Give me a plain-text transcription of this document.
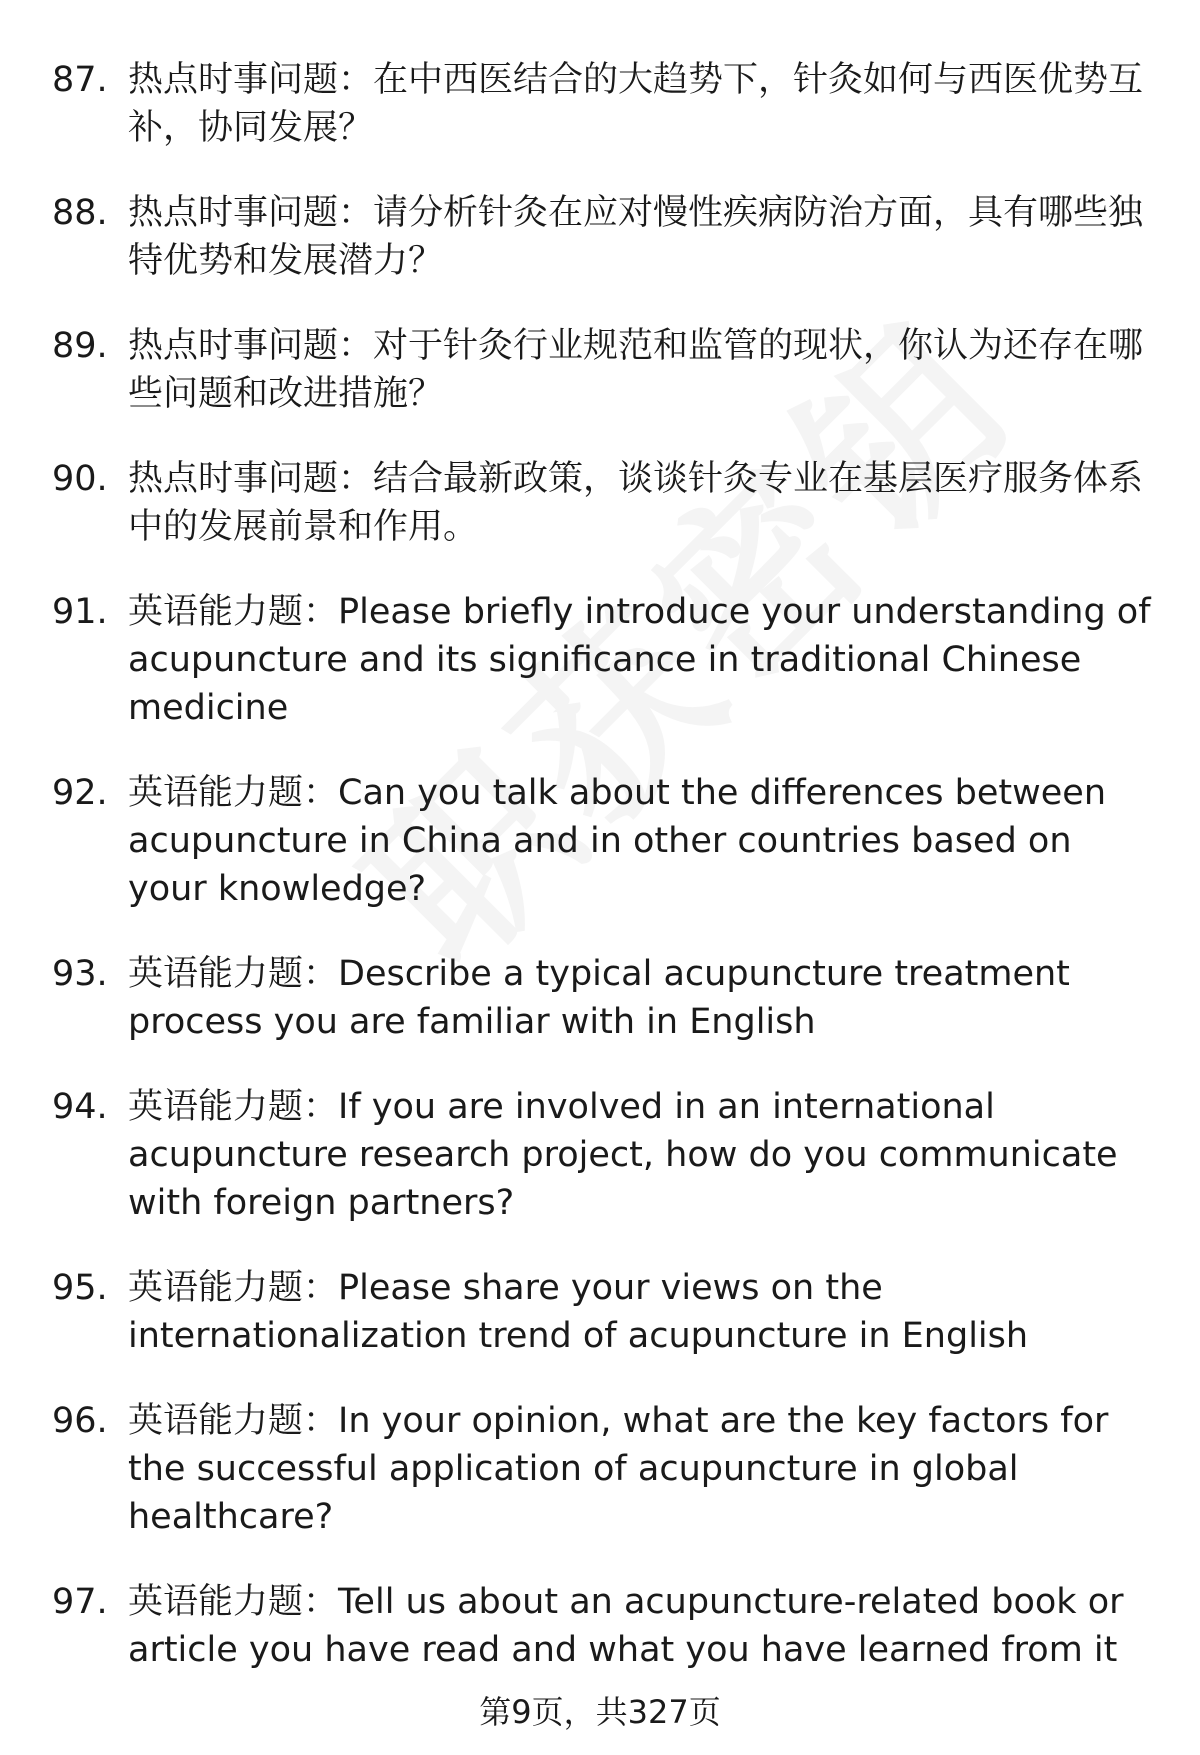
87. 热点时事问题：在中西医结合的大趋势下，针灸如何与西医优势互补，协同发展？
88. 热点时事问题：请分析针灸在应对慢性疾病防治方面，具有哪些独特优势和发展潜力？
89. 热点时事问题：对于针灸行业规范和监管的现状，你认为还存在哪些问题和改进措施？
90. 热点时事问题：结合最新政策，谈谈针灸专业在基层医疗服务体系中的发展前景和作用。
91. 英语能力题：Please briefly introduce your understanding of acupuncture and its significance in traditional Chinese medicine
92. 英语能力题：Can you talk about the differences between acupuncture in China and in other countries based on your knowledge?
93. 英语能力题：Describe a typical acupuncture treatment process you are familiar with in English
94. 英语能力题：If you are involved in an international acupuncture research project, how do you communicate with foreign partners?
95. 英语能力题：Please share your views on the internationalization trend of acupuncture in English
96. 英语能力题：In your opinion, what are the key factors for the successful application of acupuncture in global healthcare?
97. 英语能力题：Tell us about an acupuncture-related book or article you have read and what you have learned from it
第9页，共327页
